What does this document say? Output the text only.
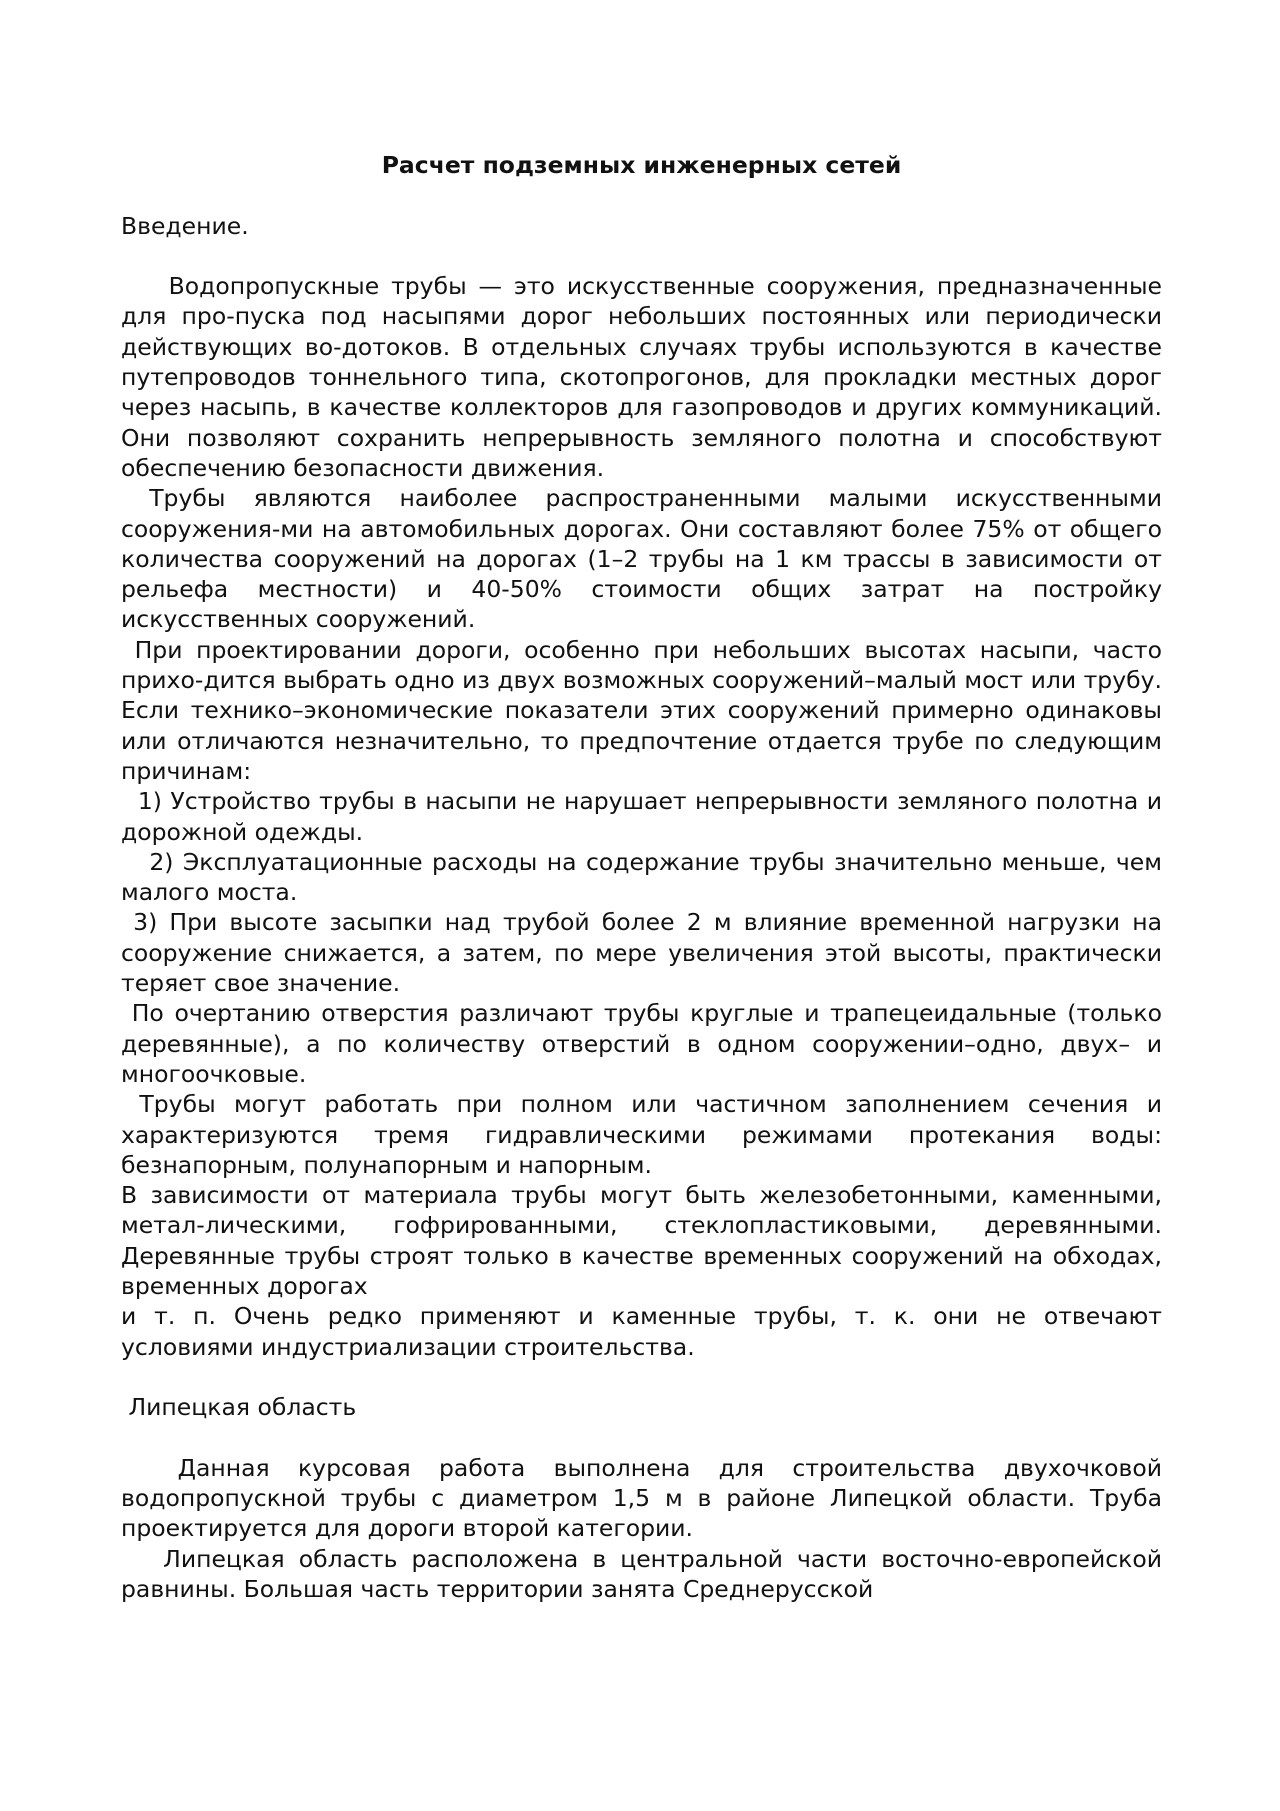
Расчет подземных инженерных сетей
Введение.

Водопропускные трубы — это искусственные сооружения, предназначенные для про-пуска под насыпями дорог небольших постоянных или периодически действующих во-дотоков. В отдельных случаях трубы используются в качестве путепроводов тоннельного типа, скотопрогонов, для прокладки местных дорог через насыпь, в качестве коллекторов для газопроводов и других коммуникаций. Они позволяют сохранить непрерывность земляного полотна и способствуют обеспечению безопасности движения.

Трубы являются наиболее распространенными малыми искусственными сооружения-ми на автомобильных дорогах. Они составляют более 75% от общего количества сооружений на дорогах (1–2 трубы на 1 км трассы в зависимости от рельефа местности) и 40-50% стоимости общих затрат на постройку искусственных сооружений.

При проектировании дороги, особенно при небольших высотах насыпи, часто прихо-дится выбрать одно из двух возможных сооружений–малый мост или трубу. Если технико–экономические показатели этих сооружений примерно одинаковы или отличаются незначительно, то предпочтение отдается трубе по следующим причинам:

1) Устройство трубы в насыпи не нарушает непрерывности земляного полотна и дорожной одежды.

2) Эксплуатационные расходы на содержание трубы значительно меньше, чем малого моста.

3) При высоте засыпки над трубой более 2 м влияние временной нагрузки на сооружение снижается, а затем, по мере увеличения этой высоты, практически теряет свое значение.

По очертанию отверстия различают трубы круглые и трапецеидальные (только деревянные), а по количеству отверстий в одном сооружении–одно, двух– и многоочковые.

Трубы могут работать при полном или частичном заполнением сечения и характеризуются тремя гидравлическими режимами протекания воды: безнапорным, полунапорным и напорным.

В зависимости от материала трубы могут быть железобетонными, каменными, метал-лическими, гофрированными, стеклопластиковыми, деревянными. Деревянные трубы строят только в качестве временных сооружений на обходах, временных дорогах

и т. п. Очень редко применяют и каменные трубы, т. к. они не отвечают условиями индустриализации строительства.

Липецкая область

Данная курсовая работа выполнена для строительства двухочковой водопропускной трубы с диаметром 1,5 м в районе Липецкой области. Труба проектируется для дороги второй категории.

Липецкая область расположена в центральной части восточно-европейской равнины. Большая часть территории занята Среднерусской
